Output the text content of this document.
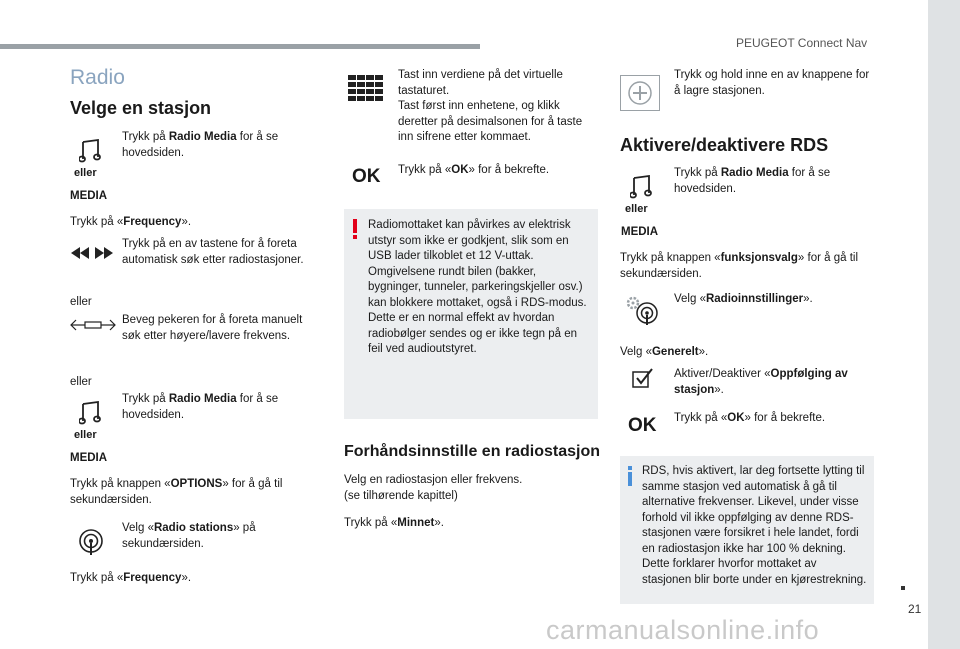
PEUGEOT Connect Nav
Radio
Velge en stasjon
eller
MEDIA

Trykk på Radio Media for å se hovedsiden.

Trykk på «Frequency».

Trykk på en av tastene for å foreta automatisk søk etter radiostasjoner.

eller

Beveg pekeren for å foreta manuelt søk etter høyere/lavere frekvens.

eller
eller
MEDIA

Trykk på Radio Media for å se hovedsiden.

Trykk på knappen «OPTIONS» for å gå til sekundærsiden.

Velg «Radio stations» på sekundærsiden.

Trykk på «Frequency».

Tast inn verdiene på det virtuelle tastaturet.
Tast først inn enhetene, og klikk deretter på desimalsonen for å taste inn sifrene etter kommaet.

OK Trykk på «OK» for å bekrefte.

Radiomottaket kan påvirkes av elektrisk utstyr som ikke er godkjent, slik som en USB lader tilkoblet et 12 V-uttak. Omgivelsene rundt bilen (bakker, bygninger, tunneler, parkeringskjeller osv.) kan blokkere mottaket, også i RDS-modus. Dette er en normal effekt av hvordan radiobølger sendes og er ikke tegn på en feil ved audioutstyret.

Forhåndsinnstille en radiostasjon

Velg en radiostasjon eller frekvens.
(se tilhørende kapittel)

Trykk på «Minnet».

Trykk og hold inne en av knappene for å lagre stasjonen.

Aktivere/deaktivere RDS
eller
MEDIA

Trykk på Radio Media for å se hovedsiden.

Trykk på knappen «funksjonsvalg» for å gå til sekundærsiden.

Velg «Radioinnstillinger».

Velg «Generelt».

Aktiver/Deaktiver «Oppfølging av stasjon».

OK Trykk på «OK» for å bekrefte.

RDS, hvis aktivert, lar deg fortsette lytting til samme stasjon ved automatisk å gå til alternative frekvenser. Likevel, under visse forhold vil ikke oppfølging av denne RDS-stasjonen være forsikret i hele landet, fordi en radiostasjon ikke har 100 % dekning. Dette forklarer hvorfor mottaket av stasjonen blir borte under en kjørestrekning.

21
carmanualsonline.info
